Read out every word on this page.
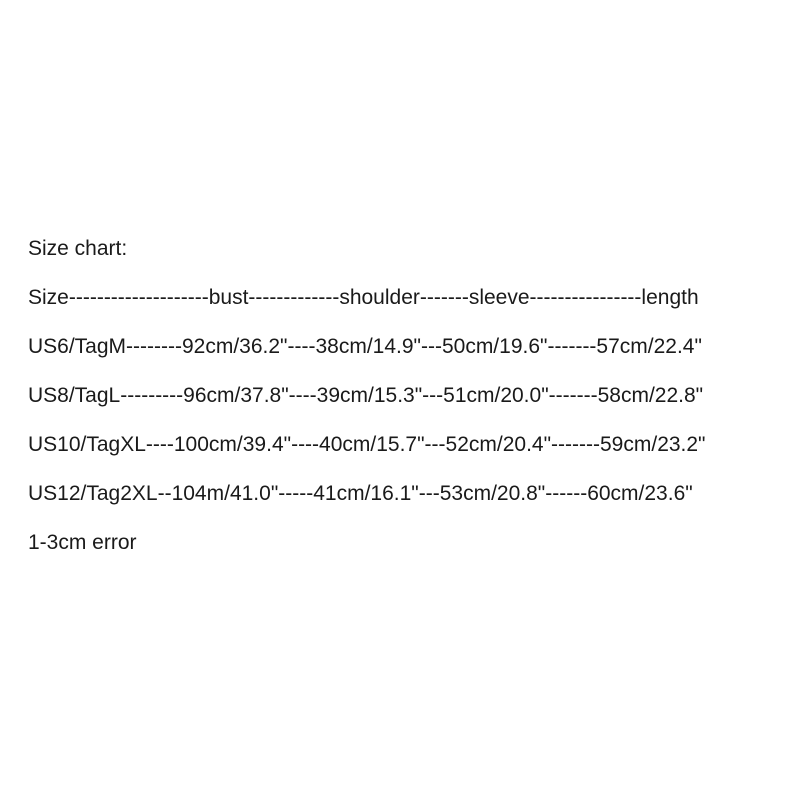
Size chart:
Size--------------------bust-------------shoulder-------sleeve----------------length
US6/TagM--------92cm/36.2"----38cm/14.9"---50cm/19.6"-------57cm/22.4"
US8/TagL---------96cm/37.8"----39cm/15.3"---51cm/20.0"-------58cm/22.8"
US10/TagXL----100cm/39.4"----40cm/15.7"---52cm/20.4"-------59cm/23.2"
US12/Tag2XL--104m/41.0"-----41cm/16.1"---53cm/20.8"------60cm/23.6"
1-3cm error
